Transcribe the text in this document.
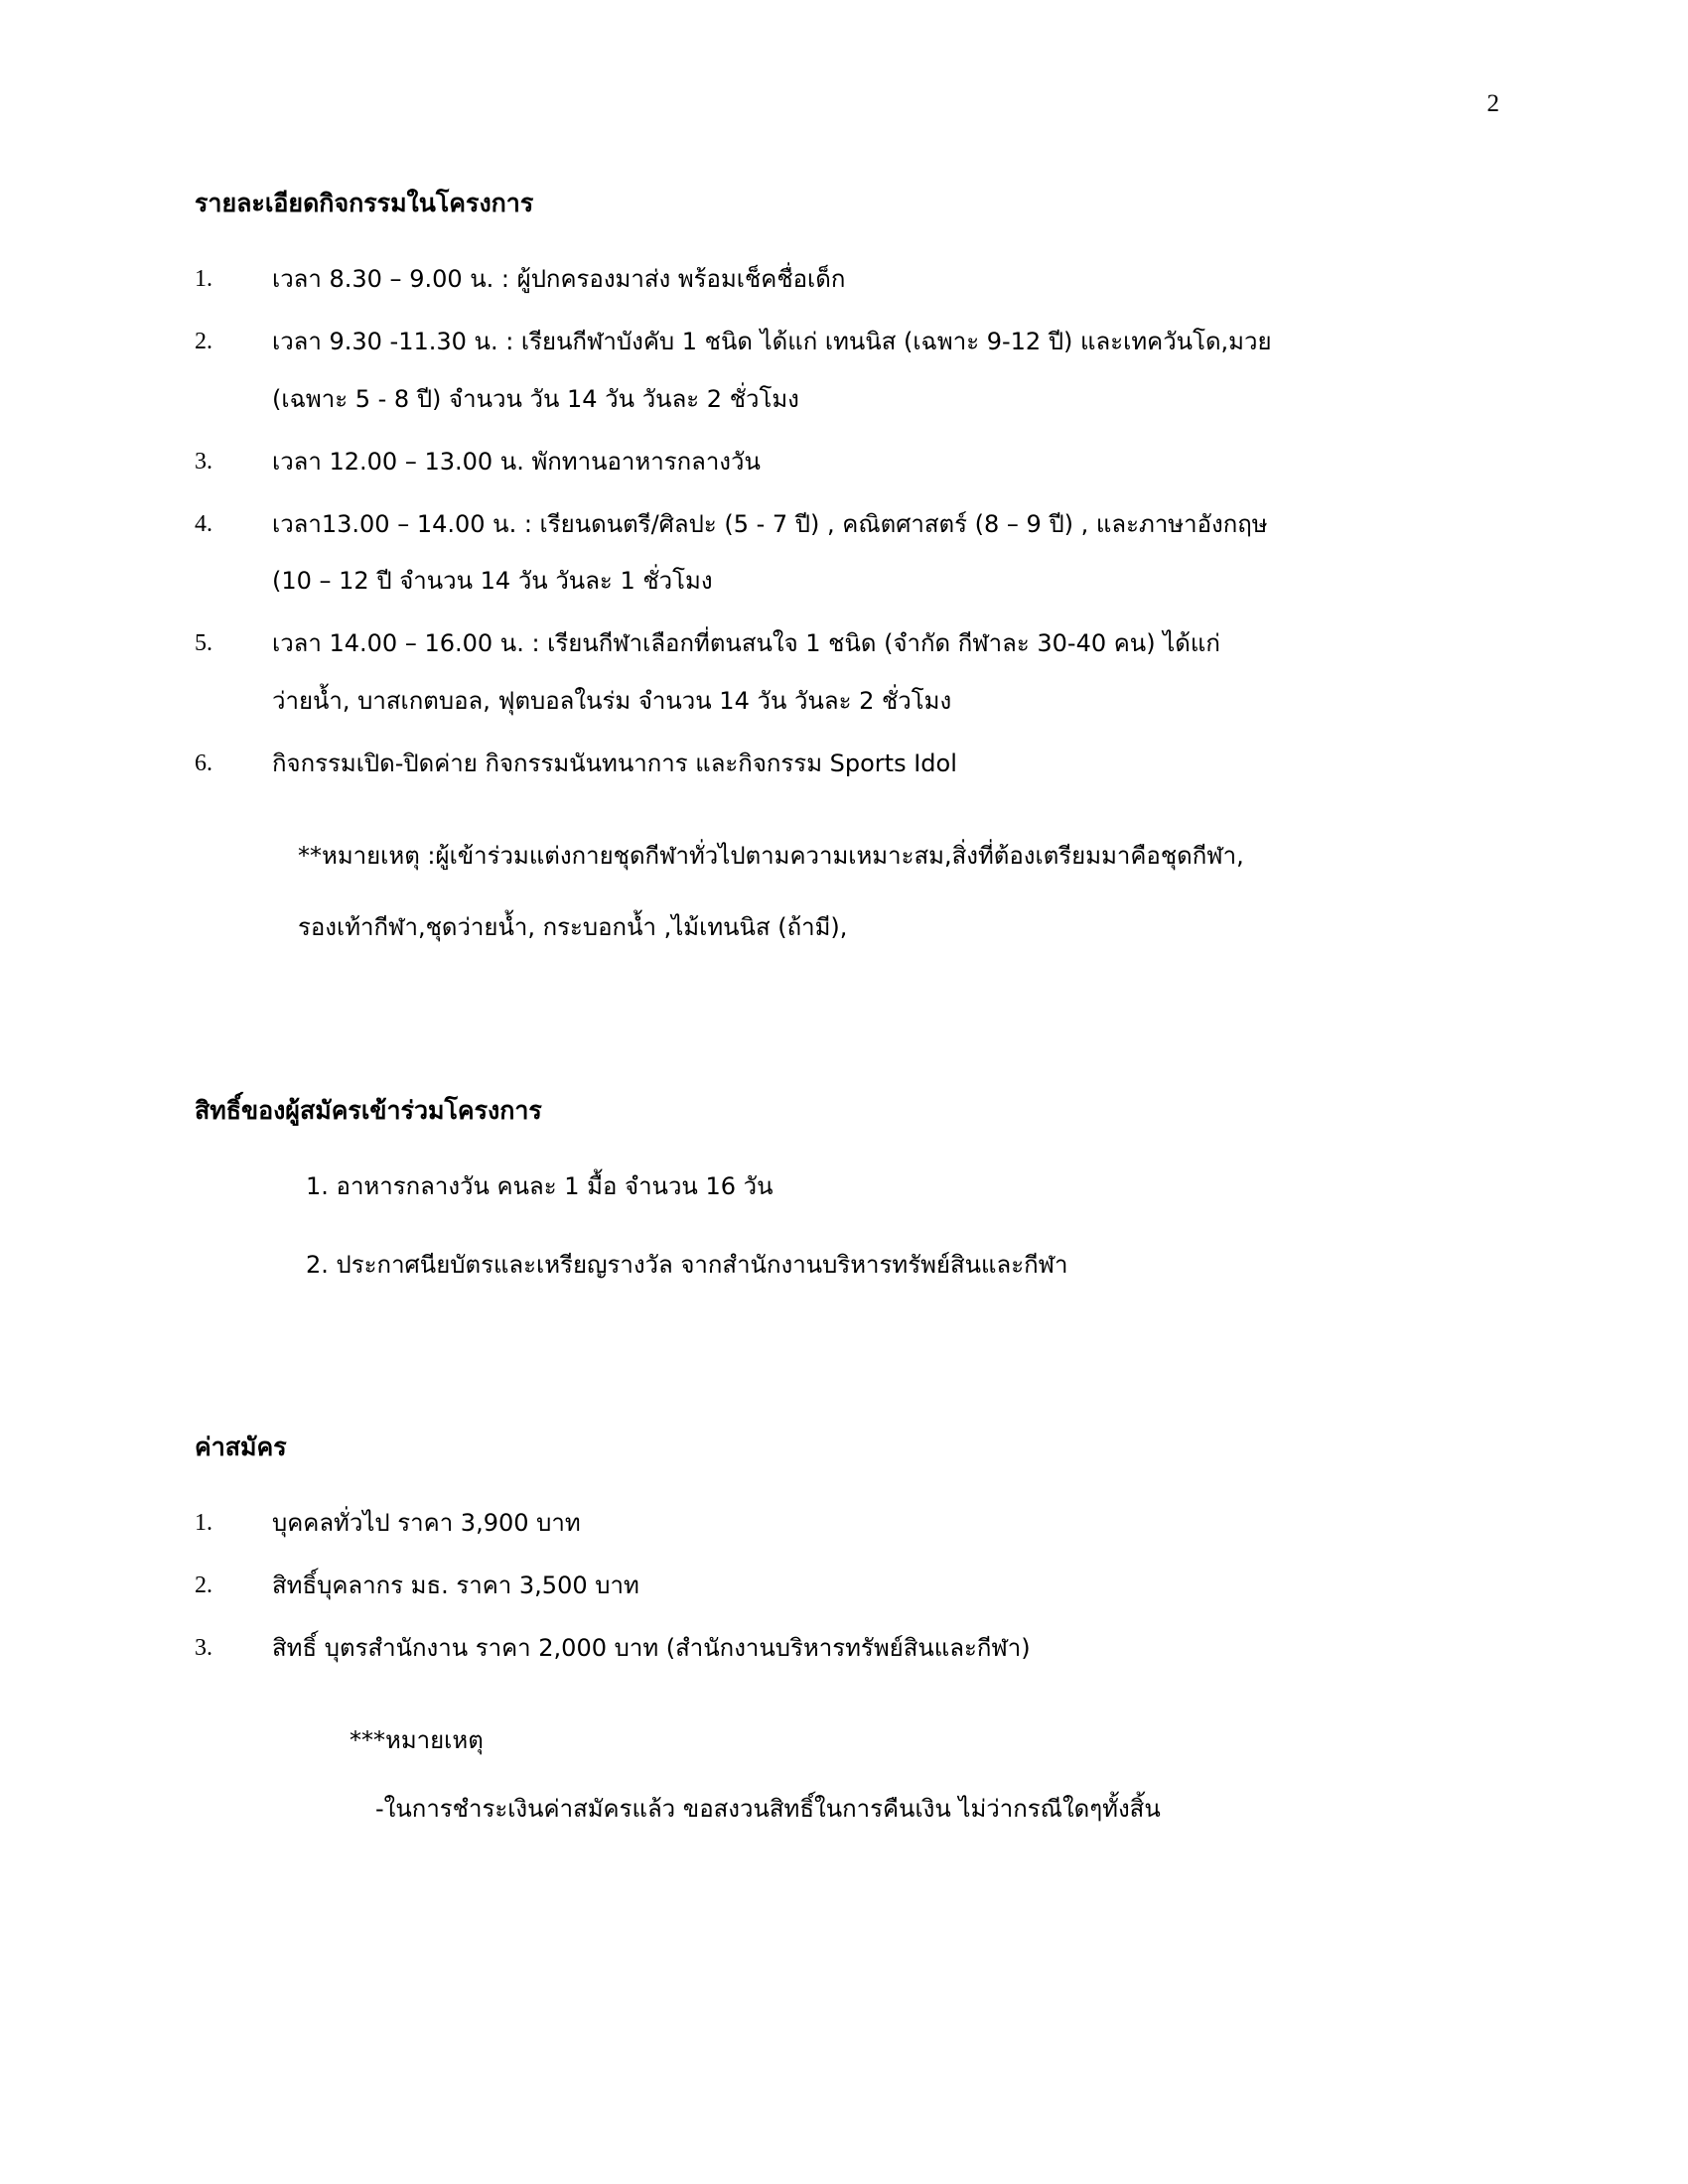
2
รายละเอียดกิจกรรมในโครงการ
1.	เวลา 8.30 – 9.00 น. : ผู้ปกครองมาส่ง พร้อมเช็คชื่อเด็ก
2.	เวลา 9.30 -11.30 น. : เรียนกีฬาบังคับ 1 ชนิด ได้แก่ เทนนิส (เฉพาะ 9-12 ปี) และเทควันโด,มวย
(เฉพาะ 5 - 8 ปี) จำนวน วัน 14 วัน วันละ 2 ชั่วโมง
3.	เวลา 12.00 – 13.00 น. พักทานอาหารกลางวัน
4.	เวลา13.00 – 14.00 น. : เรียนดนตรี/ศิลปะ (5 - 7 ปี) , คณิตศาสตร์ (8 – 9 ปี) , และภาษาอังกฤษ
(10 – 12 ปี จำนวน 14 วัน วันละ 1 ชั่วโมง
5.	เวลา 14.00 – 16.00 น. : เรียนกีฬาเลือกที่ตนสนใจ 1 ชนิด (จำกัด กีฬาละ 30-40 คน) ได้แก่
ว่ายน้ำ, บาสเกตบอล, ฟุตบอลในร่ม จำนวน 14 วัน วันละ 2 ชั่วโมง
6.	กิจกรรมเปิด-ปิดค่าย กิจกรรมนันทนาการ และกิจกรรม Sports Idol

**หมายเหตุ :ผู้เข้าร่วมแต่งกายชุดกีฬาทั่วไปตามความเหมาะสม,สิ่งที่ต้องเตรียมมาคือชุดกีฬา,

รองเท้ากีฬา,ชุดว่ายน้ำ, กระบอกน้ำ ,ไม้เทนนิส (ถ้ามี),

สิทธิ์ของผู้สมัครเข้าร่วมโครงการ

1. อาหารกลางวัน คนละ 1 มื้อ จำนวน 16 วัน

2. ประกาศนียบัตรและเหรียญรางวัล จากสำนักงานบริหารทรัพย์สินและกีฬา

ค่าสมัคร
1.	บุคคลทั่วไป ราคา 3,900 บาท
2.	สิทธิ์บุคลากร มธ. ราคา 3,500 บาท
3.	สิทธิ์ บุตรสำนักงาน ราคา 2,000 บาท (สำนักงานบริหารทรัพย์สินและกีฬา)

***หมายเหตุ

-ในการชำระเงินค่าสมัครแล้ว ขอสงวนสิทธิ์ในการคืนเงิน ไม่ว่ากรณีใดๆทั้งสิ้น
